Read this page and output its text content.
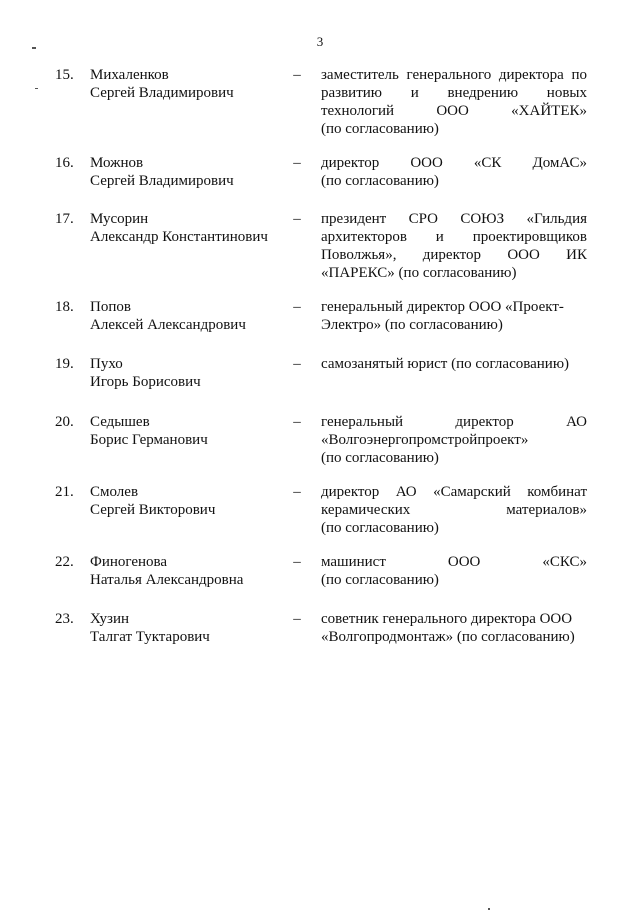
3
15.	Михаленков
Сергей Владимирович
– заместитель генерального директора по
развитию и внедрению новых
технологий ООО «ХАЙТЕК»
(по согласованию)
16.	Можнов
Сергей Владимирович
– директор ООО «СК ДомАС»
(по согласованию)
17.	Мусорин
Александр Константинович
– президент СРО СОЮЗ «Гильдия
архитекторов и проектировщиков
Поволжья», директор ООО ИК
«ПАРЕКС» (по согласованию)
18.	Попов
Алексей Александрович
– генеральный директор ООО «Проект-
Электро» (по согласованию)
19.	Пухо
Игорь Борисович
– самозанятый юрист (по согласованию)
20.	Седышев
Борис Германович
– генеральный директор АО
«Волгоэнергопромстройпроект»
(по согласованию)
21.	Смолев
Сергей Викторович
– директор АО «Самарский комбинат
керамических материалов»
(по согласованию)
22.	Финогенова
Наталья Александровна
– машинист ООО «СКС»
(по согласованию)
23.	Хузин
Талгат Туктарович
– советник генерального директора ООО
«Волгопродмонтаж» (по согласованию)
